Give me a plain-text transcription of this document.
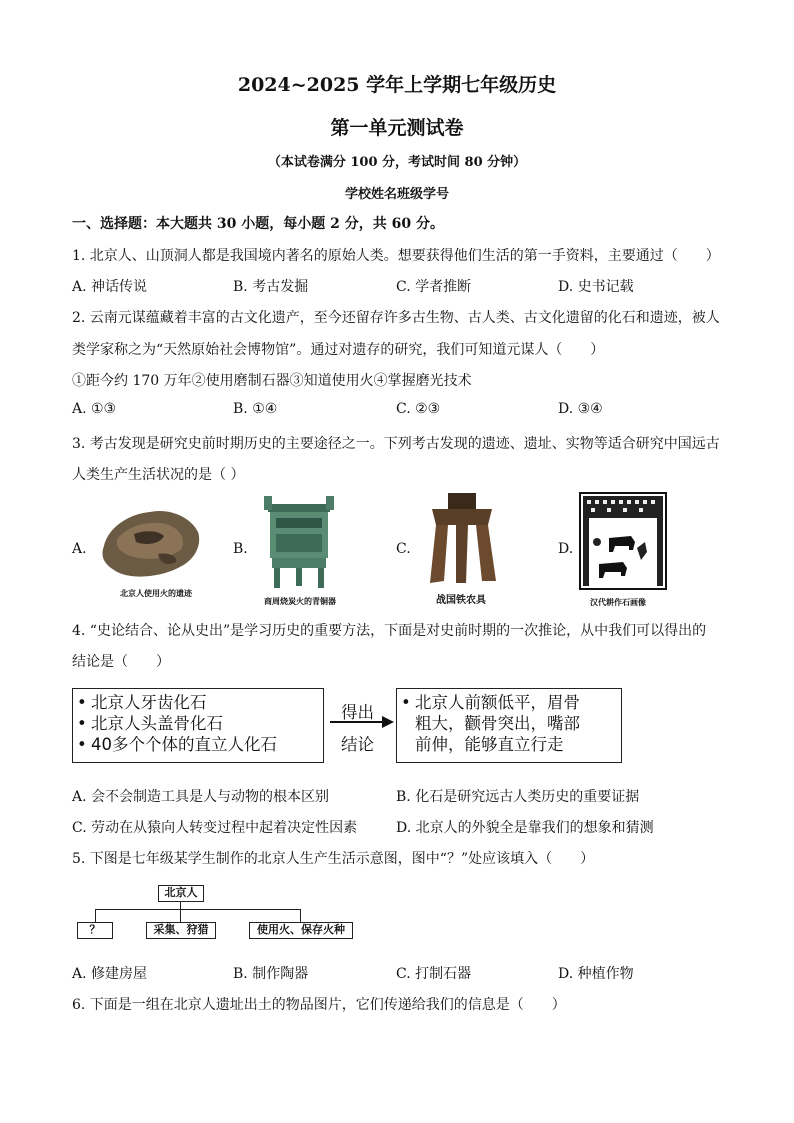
2024~2025 学年上学期七年级历史
第一单元测试卷
（本试卷满分 100 分，考试时间 80 分钟）
学校姓名班级学号
一、选择题：本大题共 30 小题，每小题 2 分，共 60 分。
1. 北京人、山顶洞人都是我国境内著名的原始人类。想要获得他们生活的第一手资料，主要通过（　　）
A. 神话传说	B. 考古发掘	C. 学者推断	D. 史书记载
2. 云南元谋蕴藏着丰富的古文化遗产，至今还留存许多古生物、古人类、古文化遗留的化石和遗迹，被人
类学家称之为“天然原始社会博物馆”。通过对遗存的研究，我们可知道元谋人（　　）
①距今约 170 万年②使用磨制石器③知道使用火④掌握磨光技术
A. ①③	B. ①④	C. ②③	D. ③④
3. 考古发现是研究史前时期历史的主要途径之一。下列考古发现的遗迹、遗址、实物等适合研究中国远古
人类生产生活状况的是（ ）
A.
北京人使用火的遗迹
B.
商周烧炭火的青铜器
C.
战国铁农具
D.
汉代耕作石画像
4. “史论结合、论从史出”是学习历史的重要方法，下面是对史前时期的一次推论，从中我们可以得出的
结论是（　　）
• 北京人牙齿化石
• 北京人头盖骨化石
• 40多个个体的直立人化石
得出
结论
• 北京人前额低平，眉骨
粗大，颧骨突出，嘴部
前伸，能够直立行走
A. 会不会制造工具是人与动物的根本区别	B. 化石是研究远古人类历史的重要证据
C. 劳动在从猿向人转变过程中起着决定性因素	D. 北京人的外貌全是靠我们的想象和猜测
5. 下图是七年级某学生制作的北京人生产生活示意图，图中“？”处应该填入（　　）
北京人
？	采集、狩猎	使用火、保存火种
A. 修建房屋	B. 制作陶器	C. 打制石器	D. 种植作物
6. 下面是一组在北京人遗址出土的物品图片，它们传递给我们的信息是（　　）
